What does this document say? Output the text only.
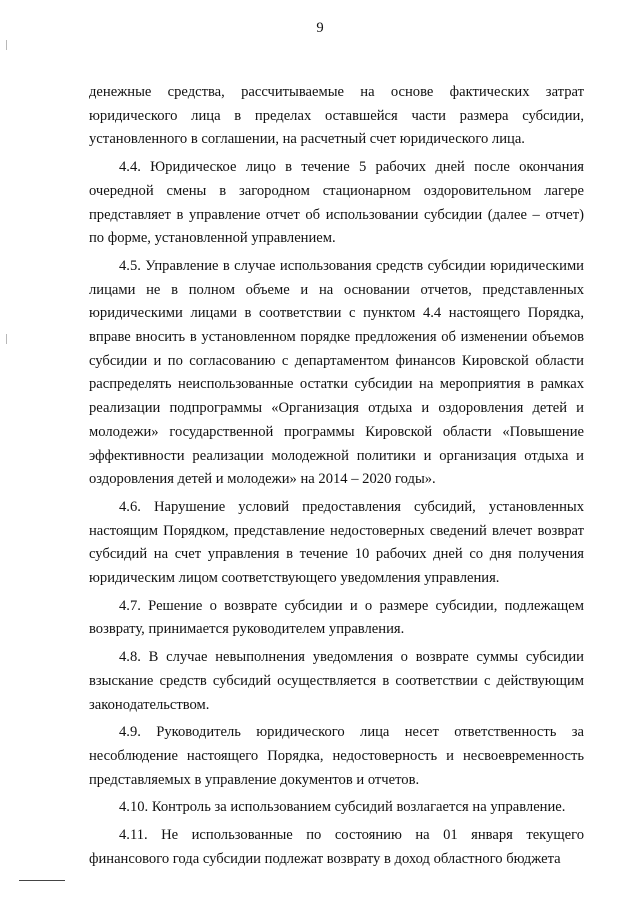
9

денежные средства, рассчитываемые на основе фактических затрат юридического лица в пределах оставшейся части размера субсидии, установленного в соглашении, на расчетный счет юридического лица.

4.4. Юридическое лицо в течение 5 рабочих дней после окончания очередной смены в загородном стационарном оздоровительном лагере представляет в управление отчет об использовании субсидии (далее – отчет) по форме, установленной управлением.

4.5. Управление в случае использования средств субсидии юридическими лицами не в полном объеме и на основании отчетов, представленных юридическими лицами в соответствии с пунктом 4.4 настоящего Порядка, вправе вносить в установленном порядке предложения об изменении объемов субсидии и по согласованию с департаментом финансов Кировской области распределять неиспользованные остатки субсидии на мероприятия в рамках реализации подпрограммы «Организация отдыха и оздоровления детей и молодежи» государственной программы Кировской области «Повышение эффективности реализации молодежной политики и организация отдыха и оздоровления детей и молодежи» на 2014 – 2020 годы».

4.6. Нарушение условий предоставления субсидий, установленных настоящим Порядком, представление недостоверных сведений влечет возврат субсидий на счет управления в течение 10 рабочих дней со дня получения юридическим лицом соответствующего уведомления управления.

4.7. Решение о возврате субсидии и о размере субсидии, подлежащем возврату, принимается руководителем управления.

4.8. В случае невыполнения уведомления о возврате суммы субсидии взыскание средств субсидий осуществляется в соответствии с действующим законодательством.

4.9. Руководитель юридического лица несет ответственность за несоблюдение настоящего Порядка, недостоверность и несвоевременность представляемых в управление документов и отчетов.

4.10. Контроль за использованием субсидий возлагается на управление.

4.11. Не использованные по состоянию на 01 января текущего финансового года субсидии подлежат возврату в доход областного бюджета
